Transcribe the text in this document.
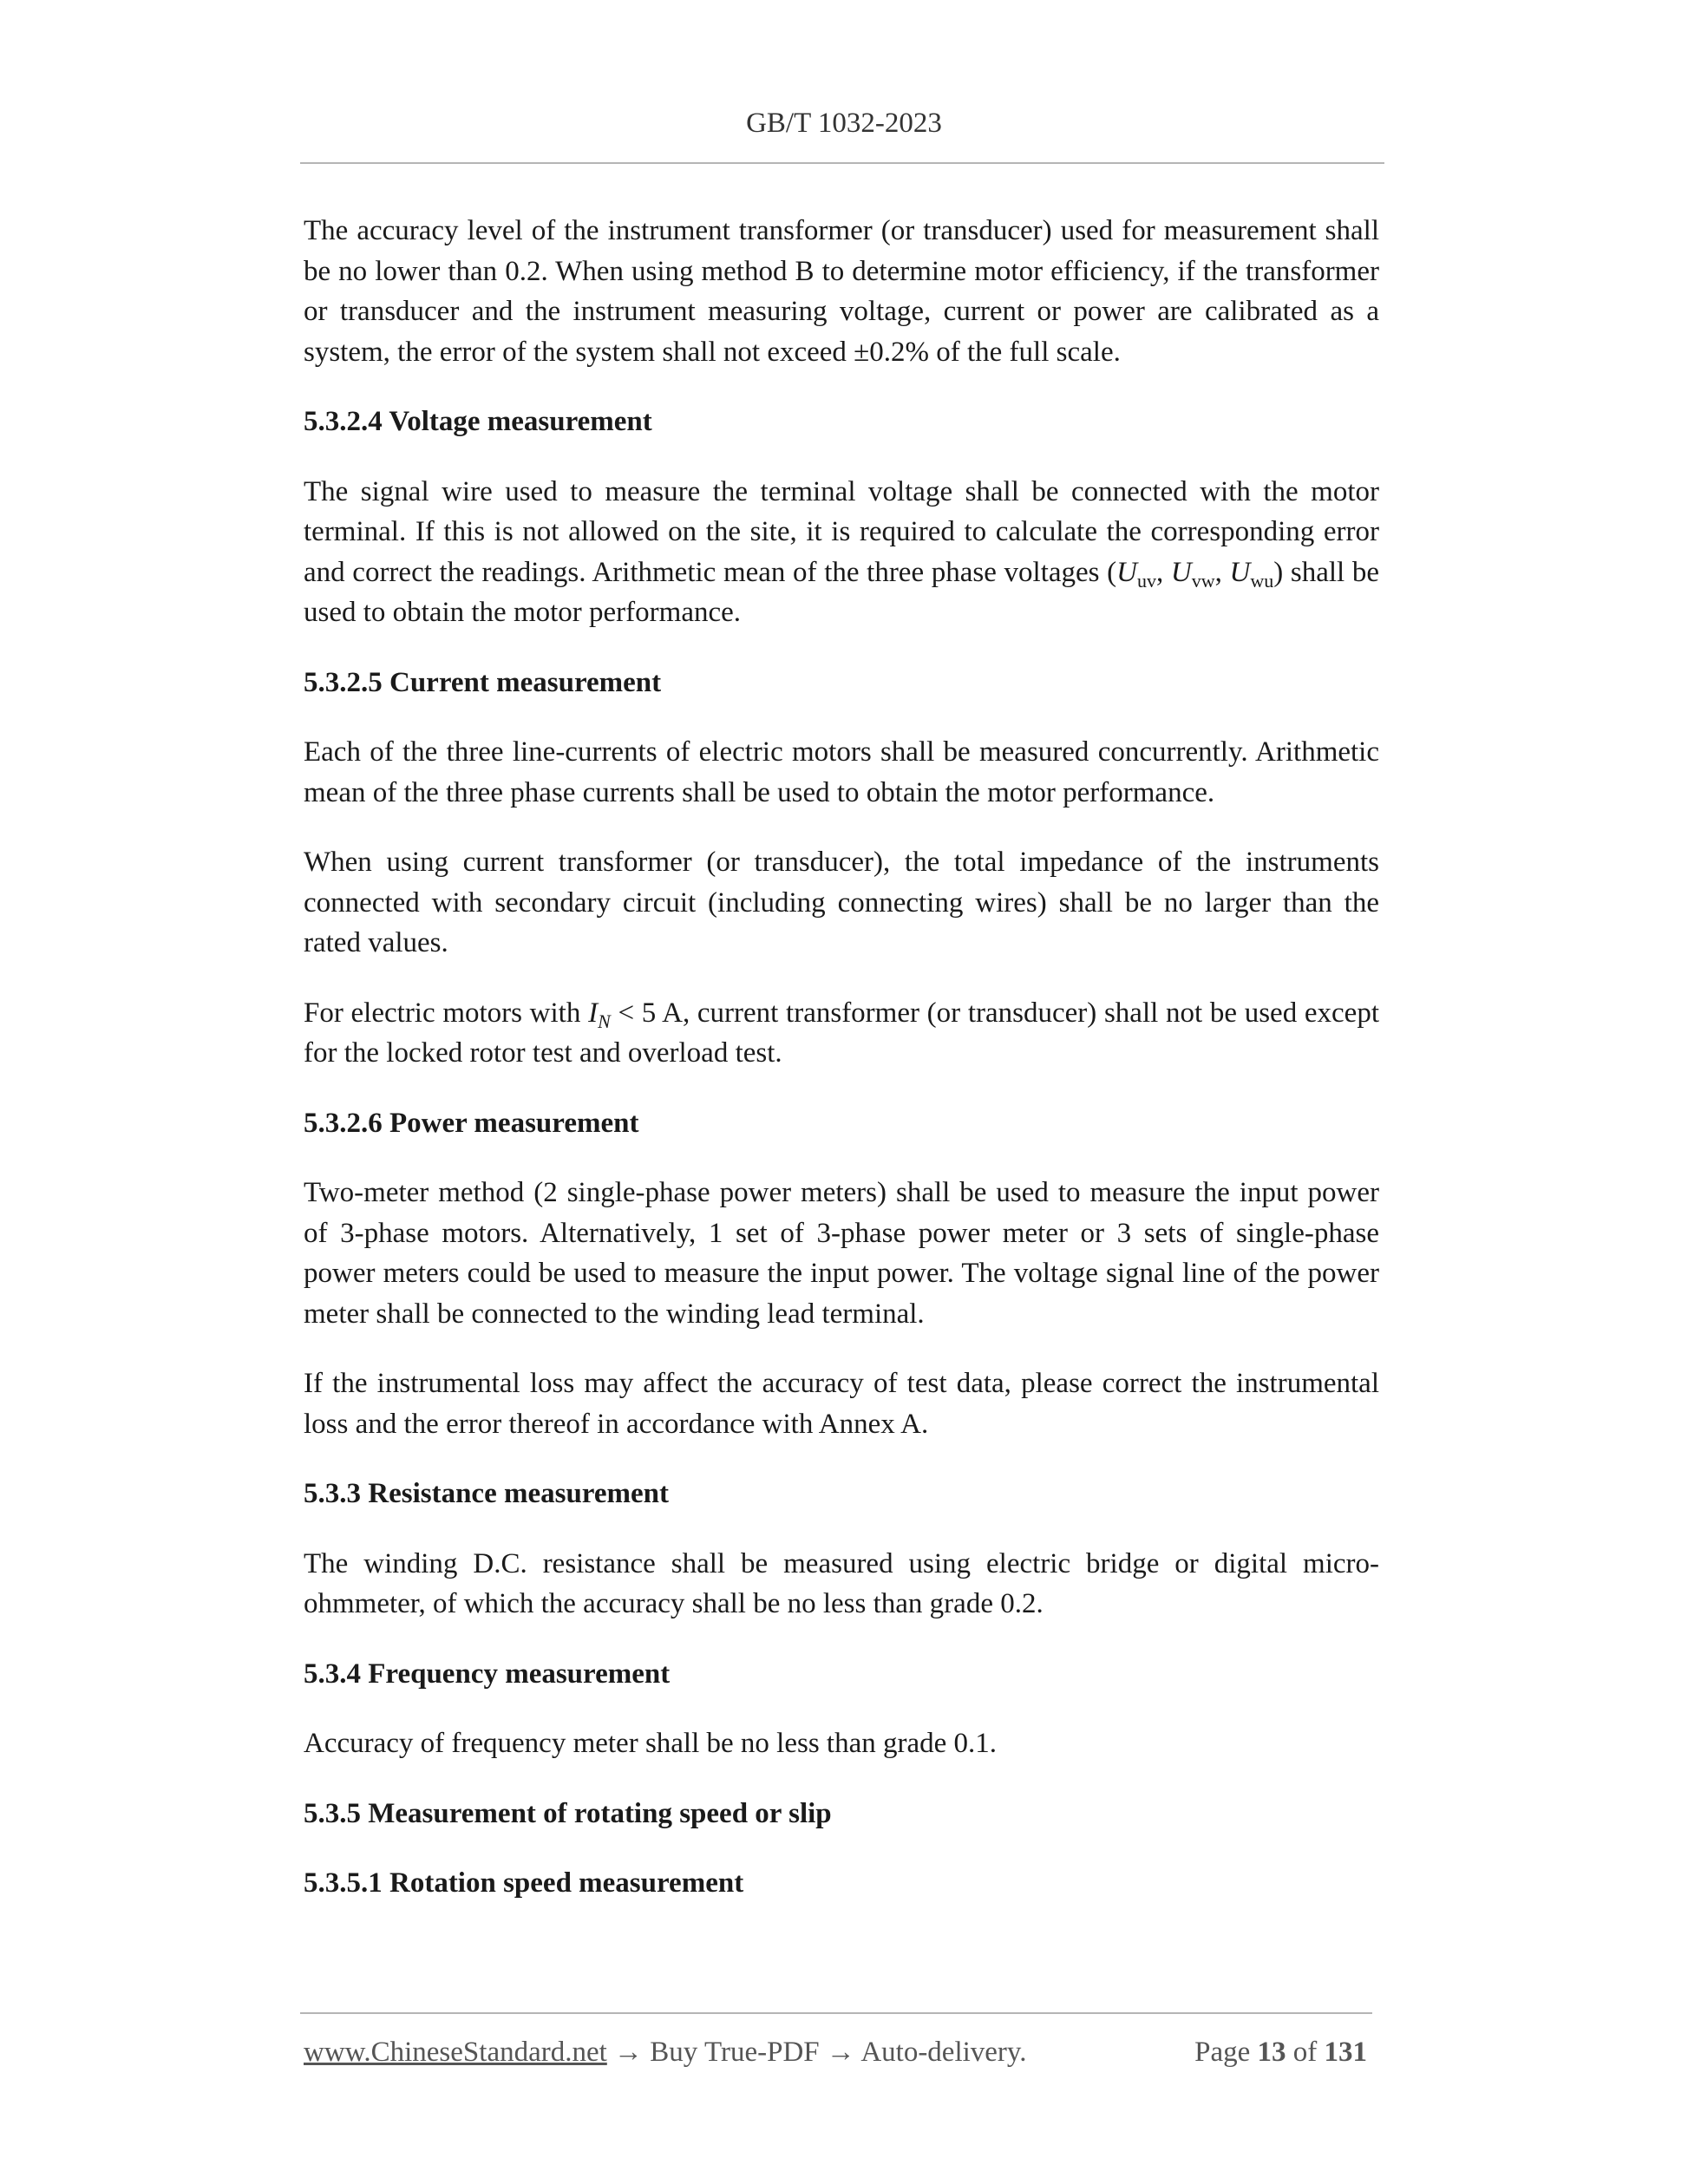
GB/T 1032-2023

The accuracy level of the instrument transformer (or transducer) used for measurement shall be no lower than 0.2. When using method B to determine motor efficiency, if the transformer or transducer and the instrument measuring voltage, current or power are calibrated as a system, the error of the system shall not exceed ±0.2% of the full scale.

5.3.2.4 Voltage measurement

The signal wire used to measure the terminal voltage shall be connected with the motor terminal. If this is not allowed on the site, it is required to calculate the corresponding error and correct the readings. Arithmetic mean of the three phase voltages ($U_{uv}$, $U_{vw}$, $U_{wu}$) shall be used to obtain the motor performance.

5.3.2.5 Current measurement

Each of the three line-currents of electric motors shall be measured concurrently. Arithmetic mean of the three phase currents shall be used to obtain the motor performance.

When using current transformer (or transducer), the total impedance of the instruments connected with secondary circuit (including connecting wires) shall be no larger than the rated values.

For electric motors with $I_N < 5$ A, current transformer (or transducer) shall not be used except for the locked rotor test and overload test.

5.3.2.6 Power measurement

Two-meter method (2 single-phase power meters) shall be used to measure the input power of 3-phase motors. Alternatively, 1 set of 3-phase power meter or 3 sets of single-phase power meters could be used to measure the input power. The voltage signal line of the power meter shall be connected to the winding lead terminal.

If the instrumental loss may affect the accuracy of test data, please correct the instrumental loss and the error thereof in accordance with Annex A.

5.3.3 Resistance measurement

The winding D.C. resistance shall be measured using electric bridge or digital micro-ohmmeter, of which the accuracy shall be no less than grade 0.2.

5.3.4 Frequency measurement

Accuracy of frequency meter shall be no less than grade 0.1.

5.3.5 Measurement of rotating speed or slip
5.3.5.1 Rotation speed measurement
www.ChineseStandard.net → Buy True-PDF → Auto-delivery.	Page 13 of 131
